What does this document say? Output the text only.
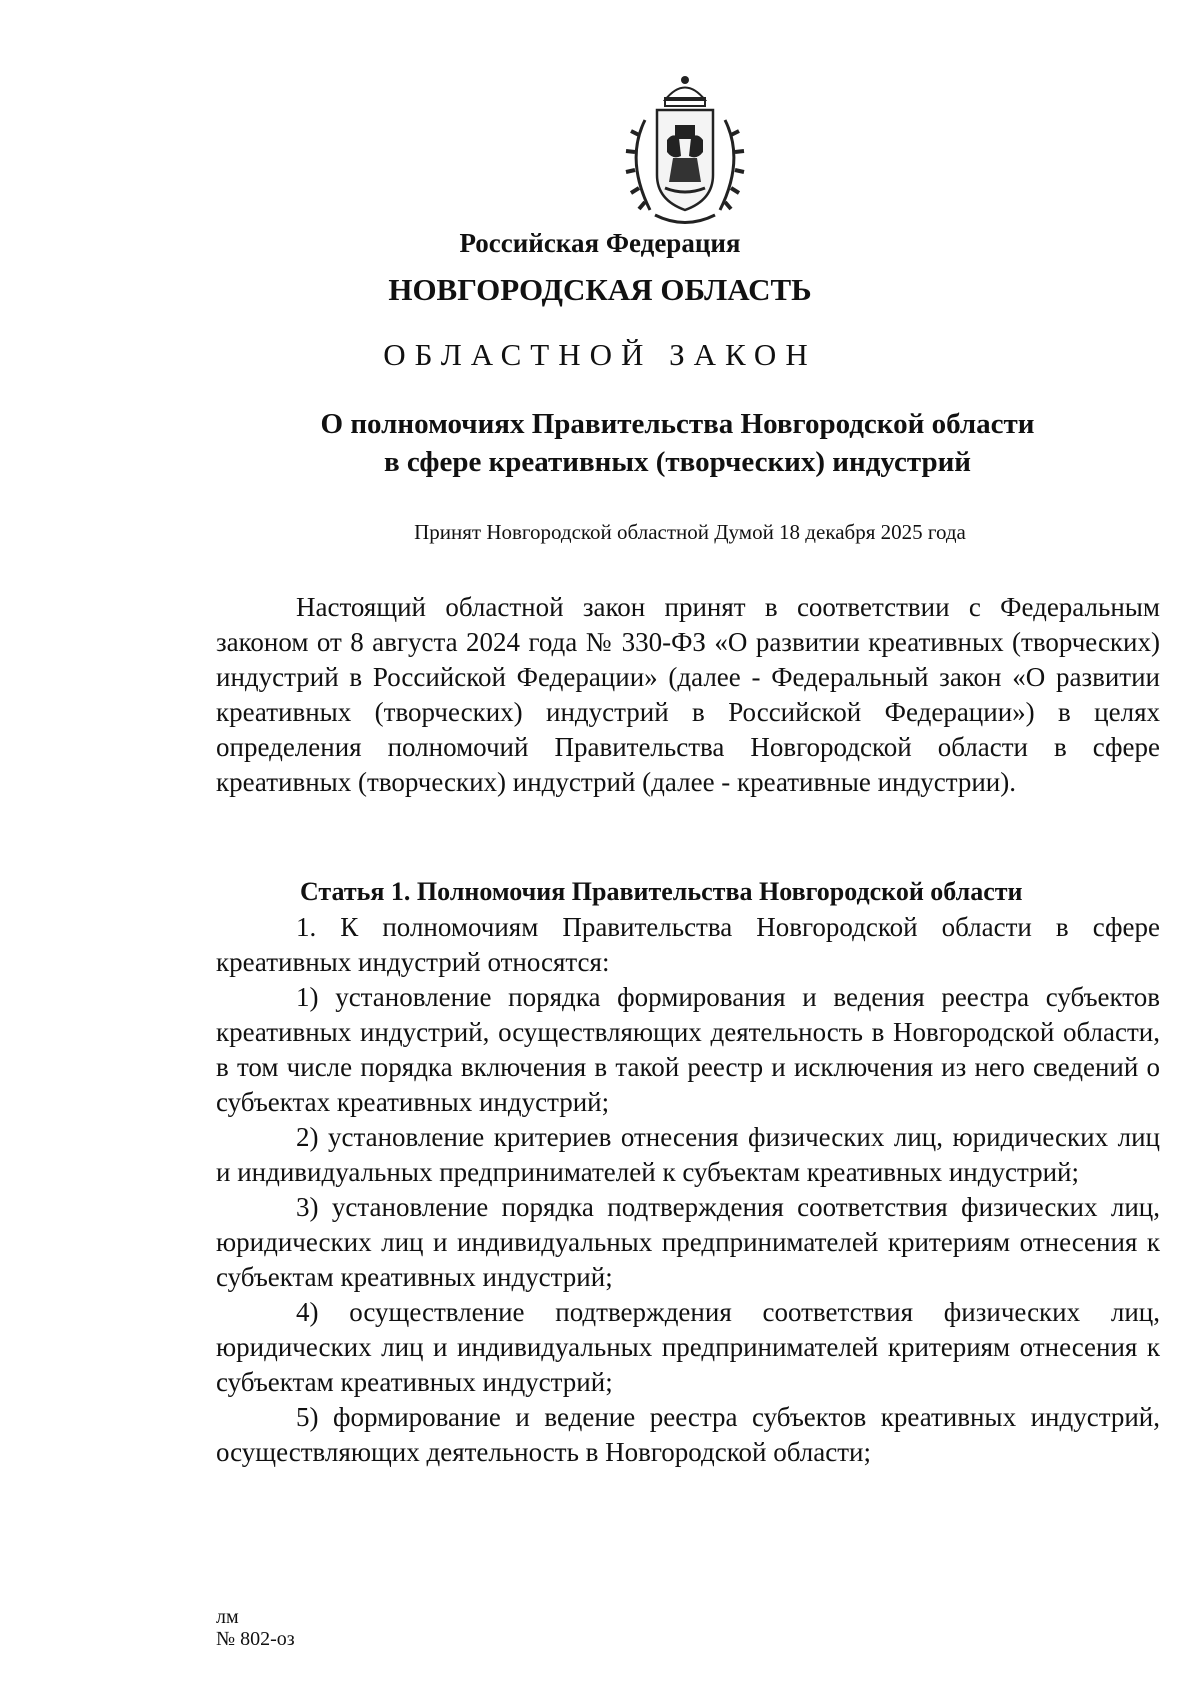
Российская Федерация
НОВГОРОДСКАЯ ОБЛАСТЬ
ОБЛАСТНОЙ ЗАКОН
О полномочиях Правительства Новгородской области
в сфере креативных (творческих) индустрий
Принят Новгородской областной Думой 18 декабря 2025 года

Настоящий областной закон принят в соответствии с Федеральным законом от 8 августа 2024 года № 330-ФЗ «О развитии креативных (творческих) индустрий в Российской Федерации» (далее - Федеральный закон «О развитии креативных (творческих) индустрий в Российской Федерации») в целях определения полномочий Правительства Новгородской области в сфере креативных (творческих) индустрий (далее - креативные индустрии).

Статья 1. Полномочия Правительства Новгородской области

1. К полномочиям Правительства Новгородской области в сфере креативных индустрий относятся:

1) установление порядка формирования и ведения реестра субъектов креативных индустрий, осуществляющих деятельность в Новгородской области, в том числе порядка включения в такой реестр и исключения из него сведений о субъектах креативных индустрий;

2) установление критериев отнесения физических лиц, юридических лиц и индивидуальных предпринимателей к субъектам креативных индустрий;

3) установление порядка подтверждения соответствия физических лиц, юридических лиц и индивидуальных предпринимателей критериям отнесения к субъектам креативных индустрий;

4) осуществление подтверждения соответствия физических лиц, юридических лиц и индивидуальных предпринимателей критериям отнесения к субъектам креативных индустрий;

5) формирование и ведение реестра субъектов креативных индустрий, осуществляющих деятельность в Новгородской области;

лм
№ 802-оз
